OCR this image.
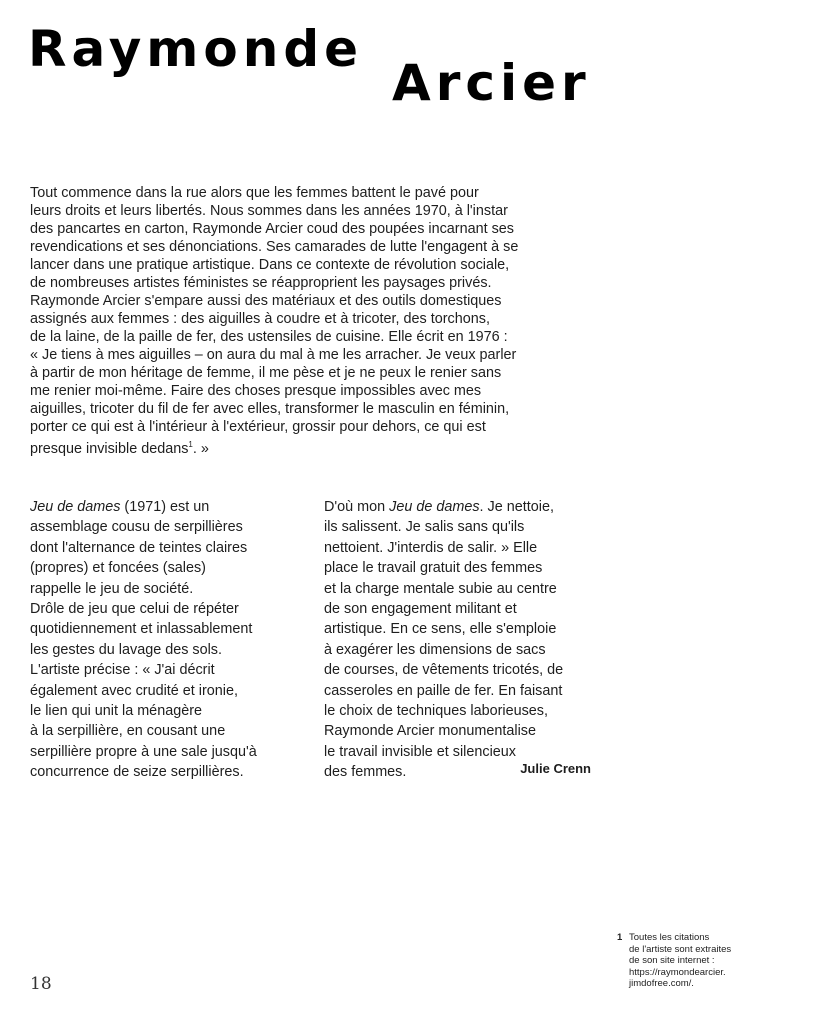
Raymonde
Arcier
Tout commence dans la rue alors que les femmes battent le pavé pour
leurs droits et leurs libertés. Nous sommes dans les années 1970, à l'instar
des pancartes en carton, Raymonde Arcier coud des poupées incarnant ses
revendications et ses dénonciations. Ses camarades de lutte l'engagent à se
lancer dans une pratique artistique. Dans ce contexte de révolution sociale,
de nombreuses artistes féministes se réapproprient les paysages privés.
Raymonde Arcier s'empare aussi des matériaux et des outils domestiques
assignés aux femmes : des aiguilles à coudre et à tricoter, des torchons,
de la laine, de la paille de fer, des ustensiles de cuisine. Elle écrit en 1976 :
« Je tiens à mes aiguilles – on aura du mal à me les arracher. Je veux parler
à partir de mon héritage de femme, il me pèse et je ne peux le renier sans
me renier moi-même. Faire des choses presque impossibles avec mes
aiguilles, tricoter du fil de fer avec elles, transformer le masculin en féminin,
porter ce qui est à l'intérieur à l'extérieur, grossir pour dehors, ce qui est
presque invisible dedans$^1$. »
Jeu de dames (1971) est un
assemblage cousu de serpillières
dont l'alternance de teintes claires
(propres) et foncées (sales)
rappelle le jeu de société.
Drôle de jeu que celui de répéter
quotidiennement et inlassablement
les gestes du lavage des sols.
L'artiste précise : « J'ai décrit
également avec crudité et ironie,
le lien qui unit la ménagère
à la serpillière, en cousant une
serpillière propre à une sale jusqu'à
concurrence de seize serpillières.
D'où mon Jeu de dames. Je nettoie,
ils salissent. Je salis sans qu'ils
nettoient. J'interdis de salir. » Elle
place le travail gratuit des femmes
et la charge mentale subie au centre
de son engagement militant et
artistique. En ce sens, elle s'emploie
à exagérer les dimensions de sacs
de courses, de vêtements tricotés, de
casseroles en paille de fer. En faisant
le choix de techniques laborieuses,
Raymonde Arcier monumentalise
le travail invisible et silencieux
des femmes.	Julie Crenn
18
1 Toutes les citations
de l'artiste sont extraites
de son site internet :
https://raymondearcier.
jimdofree.com/.
